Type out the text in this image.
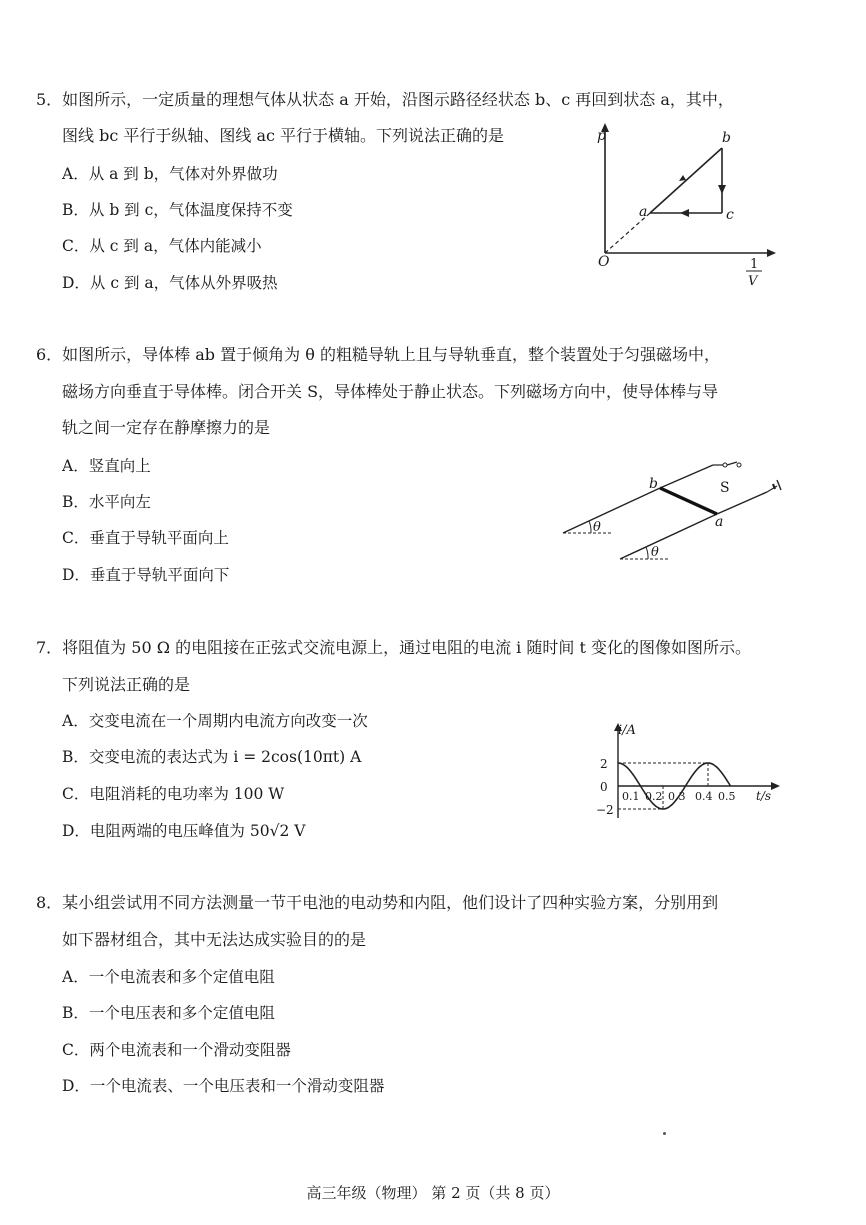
5．如图所示，一定质量的理想气体从状态 a 开始，沿图示路径经状态 b、c 再回到状态 a，其中，
图线 bc 平行于纵轴、图线 ac 平行于横轴。下列说法正确的是
A．从 a 到 b，气体对外界做功
B．从 b 到 c，气体温度保持不变
C．从 c 到 a，气体内能减小
D．从 c 到 a，气体从外界吸热
p
O	1
V
a
b
c
6．如图所示，导体棒 ab 置于倾角为 θ 的粗糙导轨上且与导轨垂直，整个装置处于匀强磁场中，
磁场方向垂直于导体棒。闭合开关 S，导体棒处于静止状态。下列磁场方向中，使导体棒与导
轨之间一定存在静摩擦力的是
A．竖直向上
B．水平向左
C．垂直于导轨平面向上
D．垂直于导轨平面向下
θ
θ
b
a
S
7．将阻值为 50 Ω 的电阻接在正弦式交流电源上，通过电阻的电流 i 随时间 t 变化的图像如图所示。
下列说法正确的是
A．交变电流在一个周期内电流方向改变一次
B．交变电流的表达式为 i = 2cos(10πt) A
C．电阻消耗的电功率为 100 W
D．电阻两端的电压峰值为 50√2 V
i/A
2
0
−2
0.1 0.2 0.3 0.4 0.5 t/s
8．某小组尝试用不同方法测量一节干电池的电动势和内阻，他们设计了四种实验方案，分别用到
如下器材组合，其中无法达成实验目的的是
A．一个电流表和多个定值电阻
B．一个电压表和多个定值电阻
C．两个电流表和一个滑动变阻器
D．一个电流表、一个电压表和一个滑动变阻器
高三年级（物理） 第 2 页（共 8 页）
